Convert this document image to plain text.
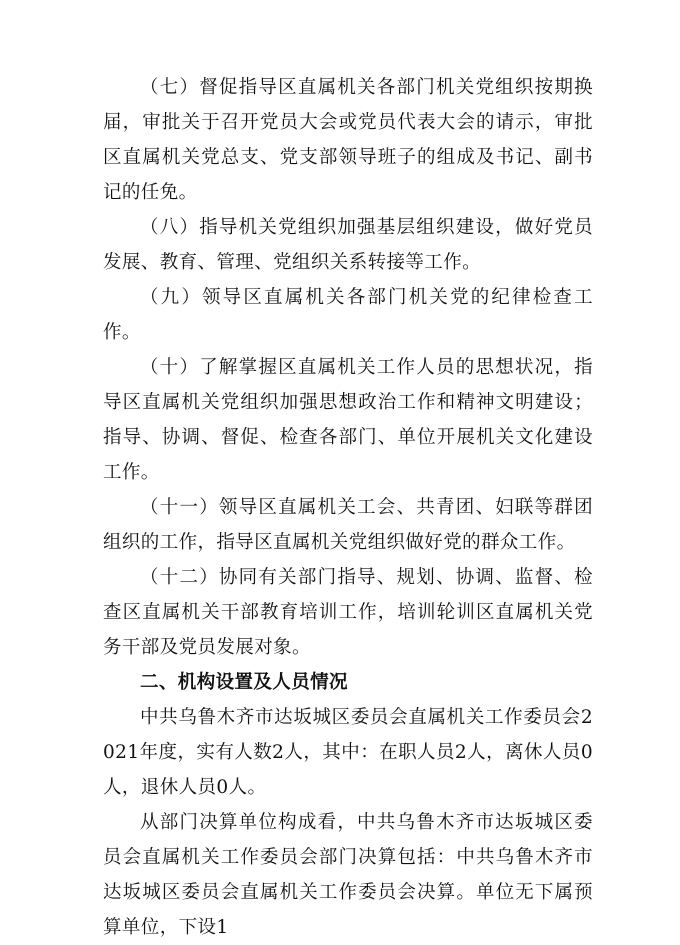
（七）督促指导区直属机关各部门机关党组织按期换届，审批关于召开党员大会或党员代表大会的请示，审批区直属机关党总支、党支部领导班子的组成及书记、副书记的任免。

（八）指导机关党组织加强基层组织建设，做好党员发展、教育、管理、党组织关系转接等工作。

（九）领导区直属机关各部门机关党的纪律检查工作。

（十）了解掌握区直属机关工作人员的思想状况，指导区直属机关党组织加强思想政治工作和精神文明建设；指导、协调、督促、检查各部门、单位开展机关文化建设工作。

（十一）领导区直属机关工会、共青团、妇联等群团组织的工作，指导区直属机关党组织做好党的群众工作。

（十二）协同有关部门指导、规划、协调、监督、检查区直属机关干部教育培训工作，培训轮训区直属机关党务干部及党员发展对象。

二、机构设置及人员情况

中共乌鲁木齐市达坂城区委员会直属机关工作委员会2021年度，实有人数2人，其中：在职人员2人，离休人员0人，退休人员0人。

从部门决算单位构成看，中共乌鲁木齐市达坂城区委员会直属机关工作委员会部门决算包括：中共乌鲁木齐市达坂城区委员会直属机关工作委员会决算。单位无下属预算单位，下设1
